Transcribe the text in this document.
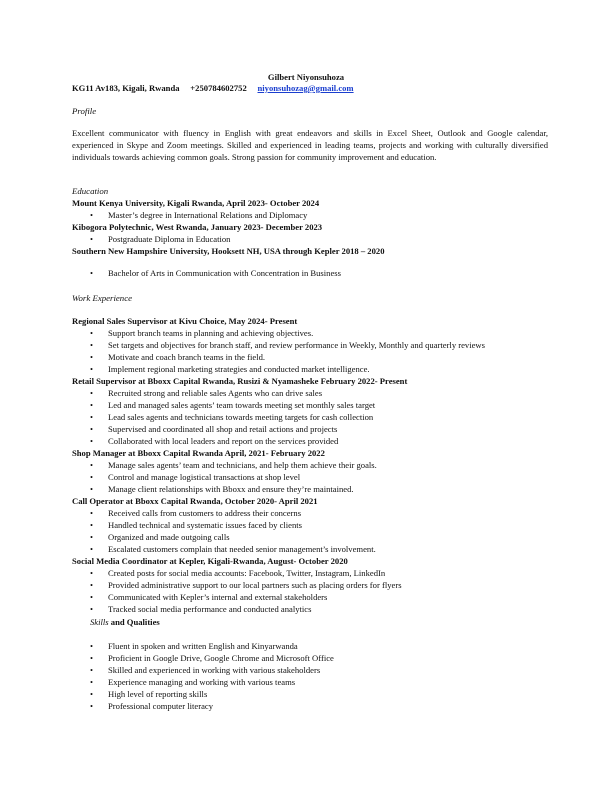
Gilbert Niyonsuhoza
KG11 Av183, Kigali, Rwanda +250784602752 niyonsuhozag@gmail.com
Profile
Excellent communicator with fluency in English with great endeavors and skills in Excel Sheet, Outlook and Google calendar, experienced in Skype and Zoom meetings. Skilled and experienced in leading teams, projects and working with culturally diversified individuals towards achieving common goals. Strong passion for community improvement and education.
Education
Mount Kenya University, Kigali Rwanda, April 2023- October 2024
• Master’s degree in International Relations and Diplomacy
Kibogora Polytechnic, West Rwanda, January 2023- December 2023
• Postgraduate Diploma in Education
Southern New Hampshire University, Hooksett NH, USA through Kepler 2018 – 2020
• Bachelor of Arts in Communication with Concentration in Business
Work Experience
Regional Sales Supervisor at Kivu Choice, May 2024- Present
• Support branch teams in planning and achieving objectives.
• Set targets and objectives for branch staff, and review performance in Weekly, Monthly and quarterly reviews
• Motivate and coach branch teams in the field.
• Implement regional marketing strategies and conducted market intelligence.
Retail Supervisor at Bboxx Capital Rwanda, Rusizi & Nyamasheke February 2022- Present
• Recruited strong and reliable sales Agents who can drive sales
• Led and managed sales agents’ team towards meeting set monthly sales target
• Lead sales agents and technicians towards meeting targets for cash collection
• Supervised and coordinated all shop and retail actions and projects
• Collaborated with local leaders and report on the services provided
Shop Manager at Bboxx Capital Rwanda April, 2021- February 2022
• Manage sales agents’ team and technicians, and help them achieve their goals.
• Control and manage logistical transactions at shop level
• Manage client relationships with Bboxx and ensure they’re maintained.
Call Operator at Bboxx Capital Rwanda, October 2020- April 2021
• Received calls from customers to address their concerns
• Handled technical and systematic issues faced by clients
• Organized and made outgoing calls
• Escalated customers complain that needed senior management’s involvement.
Social Media Coordinator at Kepler, Kigali-Rwanda, August- October 2020
• Created posts for social media accounts: Facebook, Twitter, Instagram, LinkedIn
• Provided administrative support to our local partners such as placing orders for flyers
• Communicated with Kepler’s internal and external stakeholders
• Tracked social media performance and conducted analytics
Skills and Qualities
• Fluent in spoken and written English and Kinyarwanda
• Proficient in Google Drive, Google Chrome and Microsoft Office
• Skilled and experienced in working with various stakeholders
• Experience managing and working with various teams
• High level of reporting skills
• Professional computer literacy
